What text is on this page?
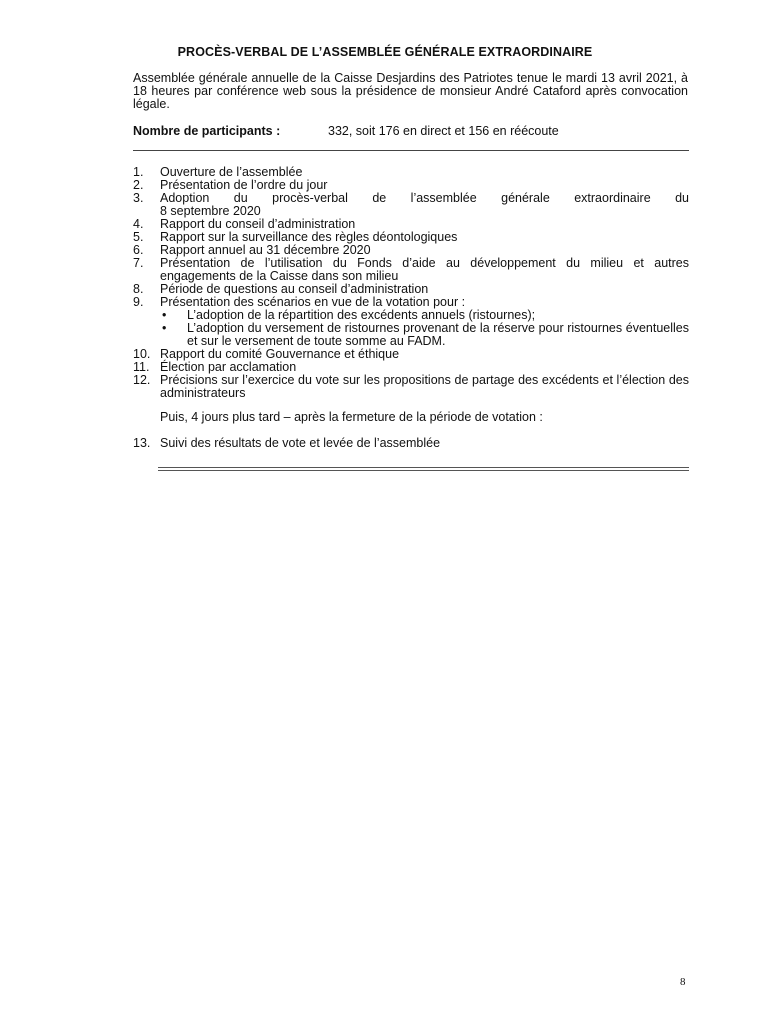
PROCÈS-VERBAL DE L’ASSEMBLÉE GÉNÉRALE EXTRAORDINAIRE
Assemblée générale annuelle de la Caisse Desjardins des Patriotes tenue le mardi 13 avril 2021, à 18 heures par conférence web sous la présidence de monsieur André Cataford après convocation légale.
Nombre de participants :	332, soit 176 en direct et 156 en réécoute
1. Ouverture de l’assemblée
2. Présentation de l’ordre du jour
3. Adoption du procès-verbal de l’assemblée générale extraordinaire du
8 septembre 2020
4. Rapport du conseil d’administration
5. Rapport sur la surveillance des règles déontologiques
6. Rapport annuel au 31 décembre 2020
7. Présentation de l’utilisation du Fonds d’aide au développement du milieu et autres engagements de la Caisse dans son milieu
8. Période de questions au conseil d’administration
9. Présentation des scénarios en vue de la votation pour :
• L’adoption de la répartition des excédents annuels (ristournes);
• L’adoption du versement de ristournes provenant de la réserve pour ristournes éventuelles et sur le versement de toute somme au FADM.
10. Rapport du comité Gouvernance et éthique
11. Élection par acclamation
12. Précisions sur l’exercice du vote sur les propositions de partage des excédents et l’élection des administrateurs
Puis, 4 jours plus tard – après la fermeture de la période de votation :
13. Suivi des résultats de vote et levée de l’assemblée
8
